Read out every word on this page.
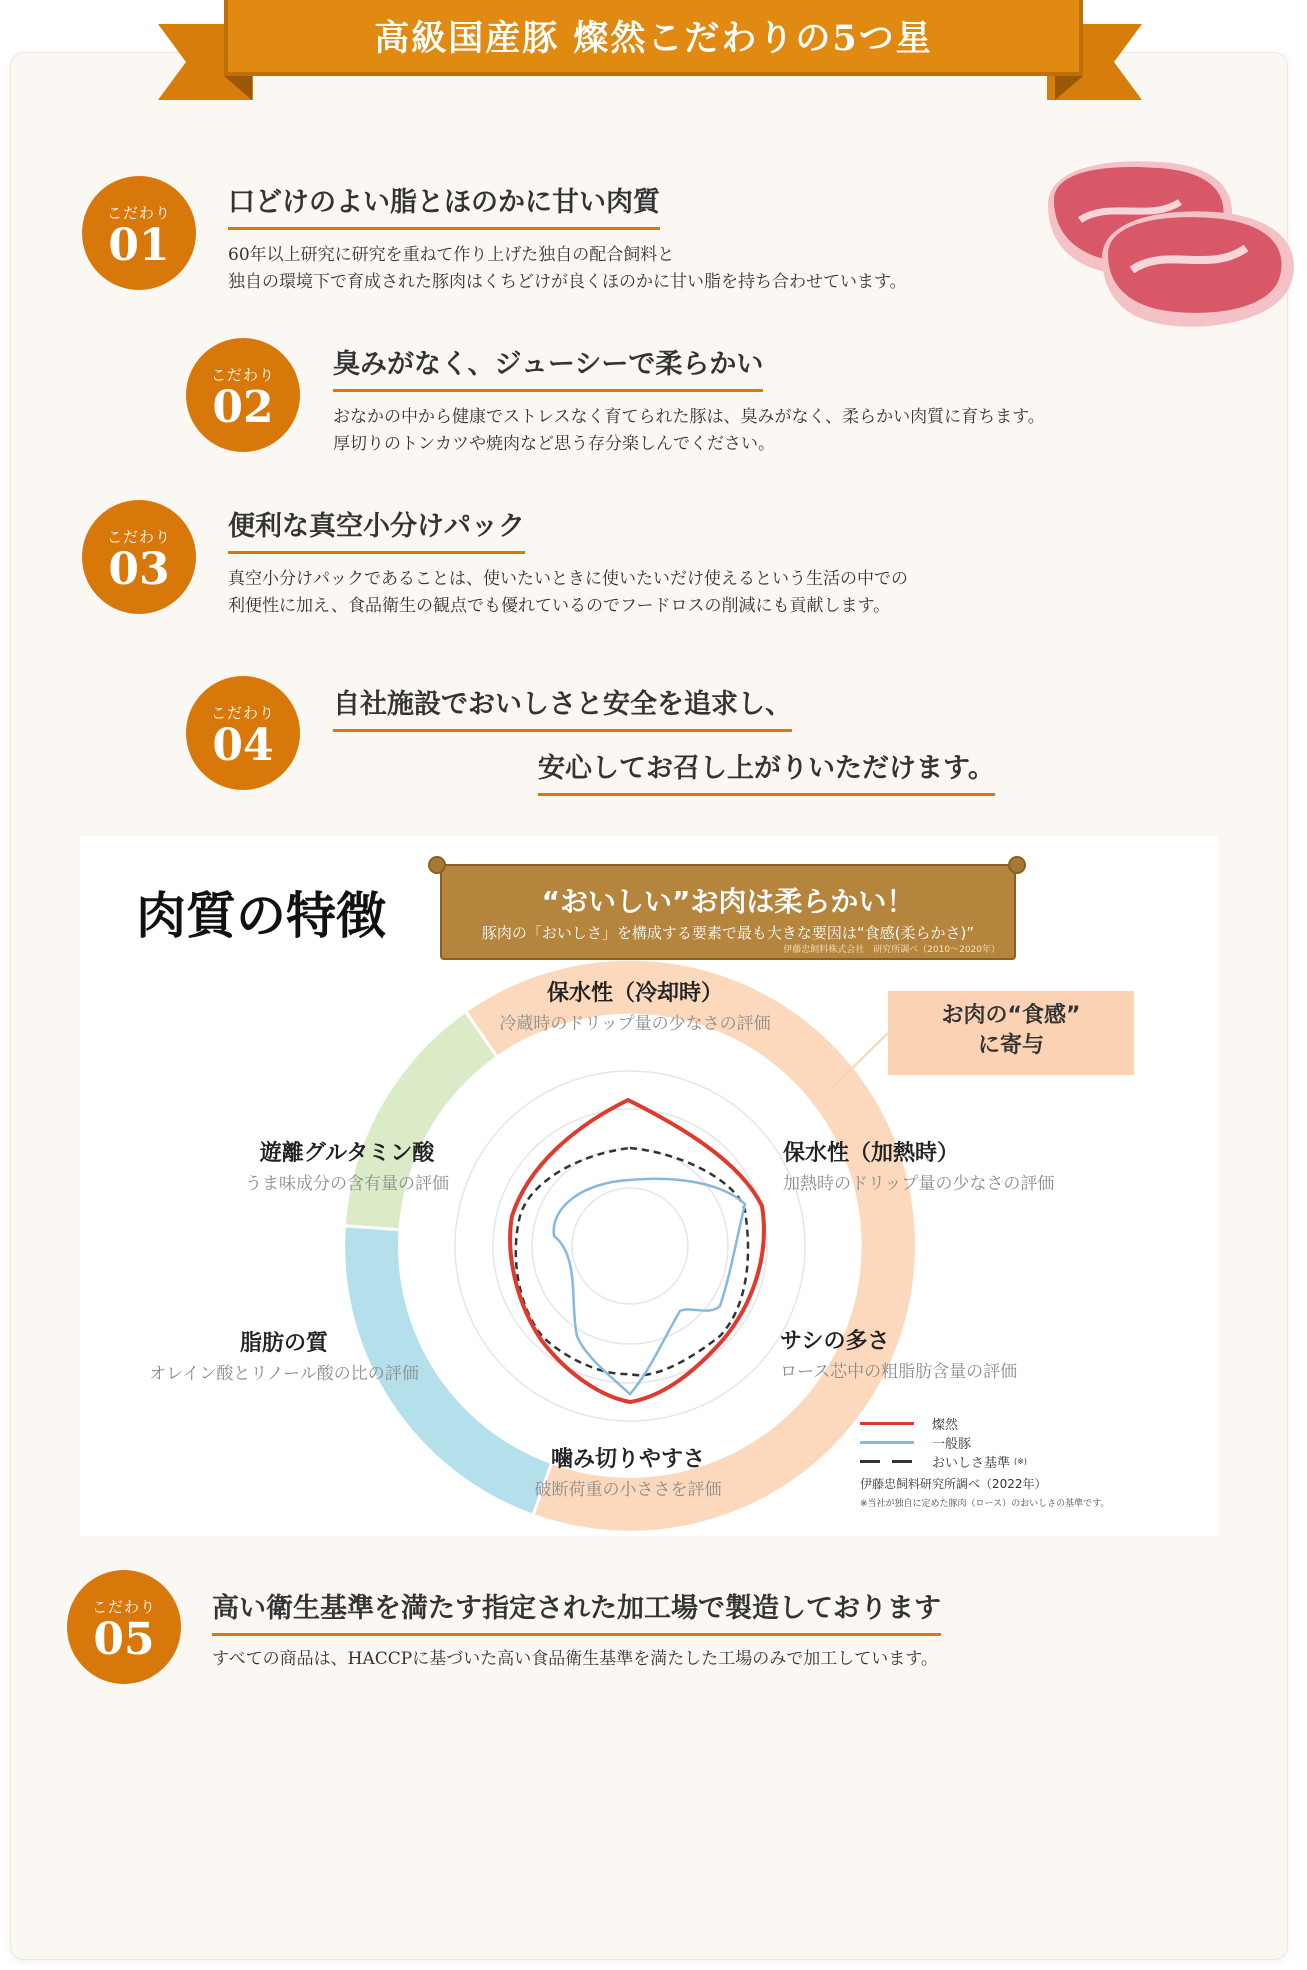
高級国産豚 燦然こだわりの5つ星
こだわり
01
口どけのよい脂とほのかに甘い肉質
60年以上研究に研究を重ねて作り上げた独自の配合飼料と
独自の環境下で育成された豚肉はくちどけが良くほのかに甘い脂を持ち合わせています。
こだわり
02
臭みがなく、ジューシーで柔らかい
おなかの中から健康でストレスなく育てられた豚は、臭みがなく、柔らかい肉質に育ちます。
厚切りのトンカツや焼肉など思う存分楽しんでください。
こだわり
03
便利な真空小分けパック
真空小分けパックであることは、使いたいときに使いたいだけ使えるという生活の中での
利便性に加え、食品衛生の観点でも優れているのでフードロスの削減にも貢献します。
こだわり
04
自社施設でおいしさと安全を追求し、
安心してお召し上がりいただけます。
肉質の特徴	“おいしい”お肉は柔らかい！
豚肉の「おいしさ」を構成する要素で最も大きな要因は“食感(柔らかさ)”
伊藤忠飼料株式会社　研究所調べ（2010〜2020年）
お肉の“食感”
に寄与
保水性（冷却時）
冷蔵時のドリップ量の少なさの評価
保水性（加熱時）
加熱時のドリップ量の少なさの評価
サシの多さ
ロース芯中の粗脂肪含量の評価
噛み切りやすさ
破断荷重の小ささを評価
脂肪の質
オレイン酸とリノール酸の比の評価
遊離グルタミン酸
うま味成分の含有量の評価
燦然
一般豚
おいしさ基準 (※)
伊藤忠飼料研究所調べ（2022年）
※当社が独自に定めた豚肉（ロース）のおいしさの基準です。
こだわり
05
高い衛生基準を満たす指定された加工場で製造しております
すべての商品は、HACCPに基づいた高い食品衛生基準を満たした工場のみで加工しています。
